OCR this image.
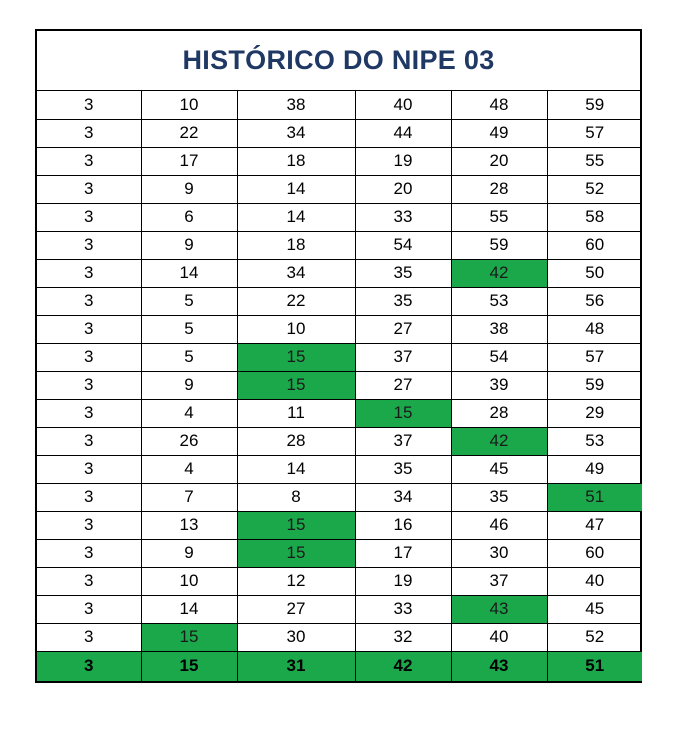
HISTÓRICO DO NIPE 03
3	10	38	40	48	59
3	22	34	44	49	57
3	17	18	19	20	55
3	9	14	20	28	52
3	6	14	33	55	58
3	9	18	54	59	60
3	14	34	35	42	50
3	5	22	35	53	56
3	5	10	27	38	48
3	5	15	37	54	57
3	9	15	27	39	59
3	4	11	15	28	29
3	26	28	37	42	53
3	4	14	35	45	49
3	7	8	34	35	51
3	13	15	16	46	47
3	9	15	17	30	60
3	10	12	19	37	40
3	14	27	33	43	45
3	15	30	32	40	52
3	15	31	42	43	51
